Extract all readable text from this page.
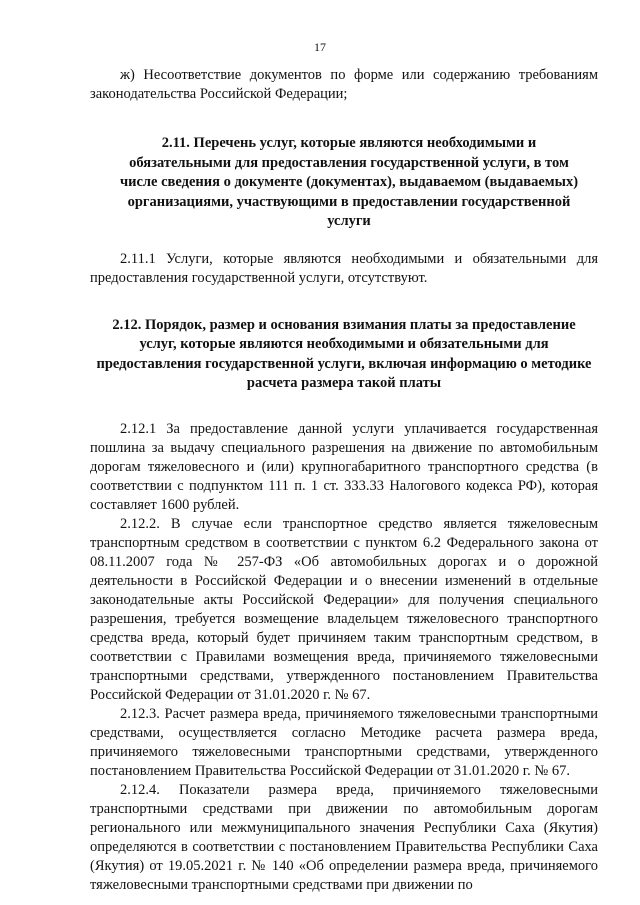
17

ж) Несоответствие документов по форме или содержанию требованиям законодательства Российской Федерации;

2.11. Перечень услуг, которые являются необходимыми и обязательными для предоставления государственной услуги, в том числе сведения о документе (документах), выдаваемом (выдаваемых) организациями, участвующими в предоставлении государственной услуги

2.11.1 Услуги, которые являются необходимыми и обязательными для предоставления государственной услуги, отсутствуют.

2.12. Порядок, размер и основания взимания платы за предоставление услуг, которые являются необходимыми и обязательными для предоставления государственной услуги, включая информацию о методике расчета размера такой платы

2.12.1 За предоставление данной услуги уплачивается государственная пошлина за выдачу специального разрешения на движение по автомобильным дорогам тяжеловесного и (или) крупногабаритного транспортного средства (в соответствии с подпунктом 111 п. 1 ст. 333.33 Налогового кодекса РФ), которая составляет 1600 рублей.

2.12.2. В случае если транспортное средство является тяжеловесным транспортным средством в соответствии с пунктом 6.2 Федерального закона от 08.11.2007 года № 257-ФЗ «Об автомобильных дорогах и о дорожной деятельности в Российской Федерации и о внесении изменений в отдельные законодательные акты Российской Федерации» для получения специального разрешения, требуется возмещение владельцем тяжеловесного транспортного средства вреда, который будет причиняем таким транспортным средством, в соответствии с Правилами возмещения вреда, причиняемого тяжеловесными транспортными средствами, утвержденного постановлением Правительства Российской Федерации от 31.01.2020 г. № 67.

2.12.3. Расчет размера вреда, причиняемого тяжеловесными транспортными средствами, осуществляется согласно Методике расчета размера вреда, причиняемого тяжеловесными транспортными средствами, утвержденного постановлением Правительства Российской Федерации от 31.01.2020 г. № 67.

2.12.4. Показатели размера вреда, причиняемого тяжеловесными транспортными средствами при движении по автомобильным дорогам регионального или межмуниципального значения Республики Саха (Якутия) определяются в соответствии с постановлением Правительства Республики Саха (Якутия) от 19.05.2021 г. № 140 «Об определении размера вреда, причиняемого тяжеловесными транспортными средствами при движении по
